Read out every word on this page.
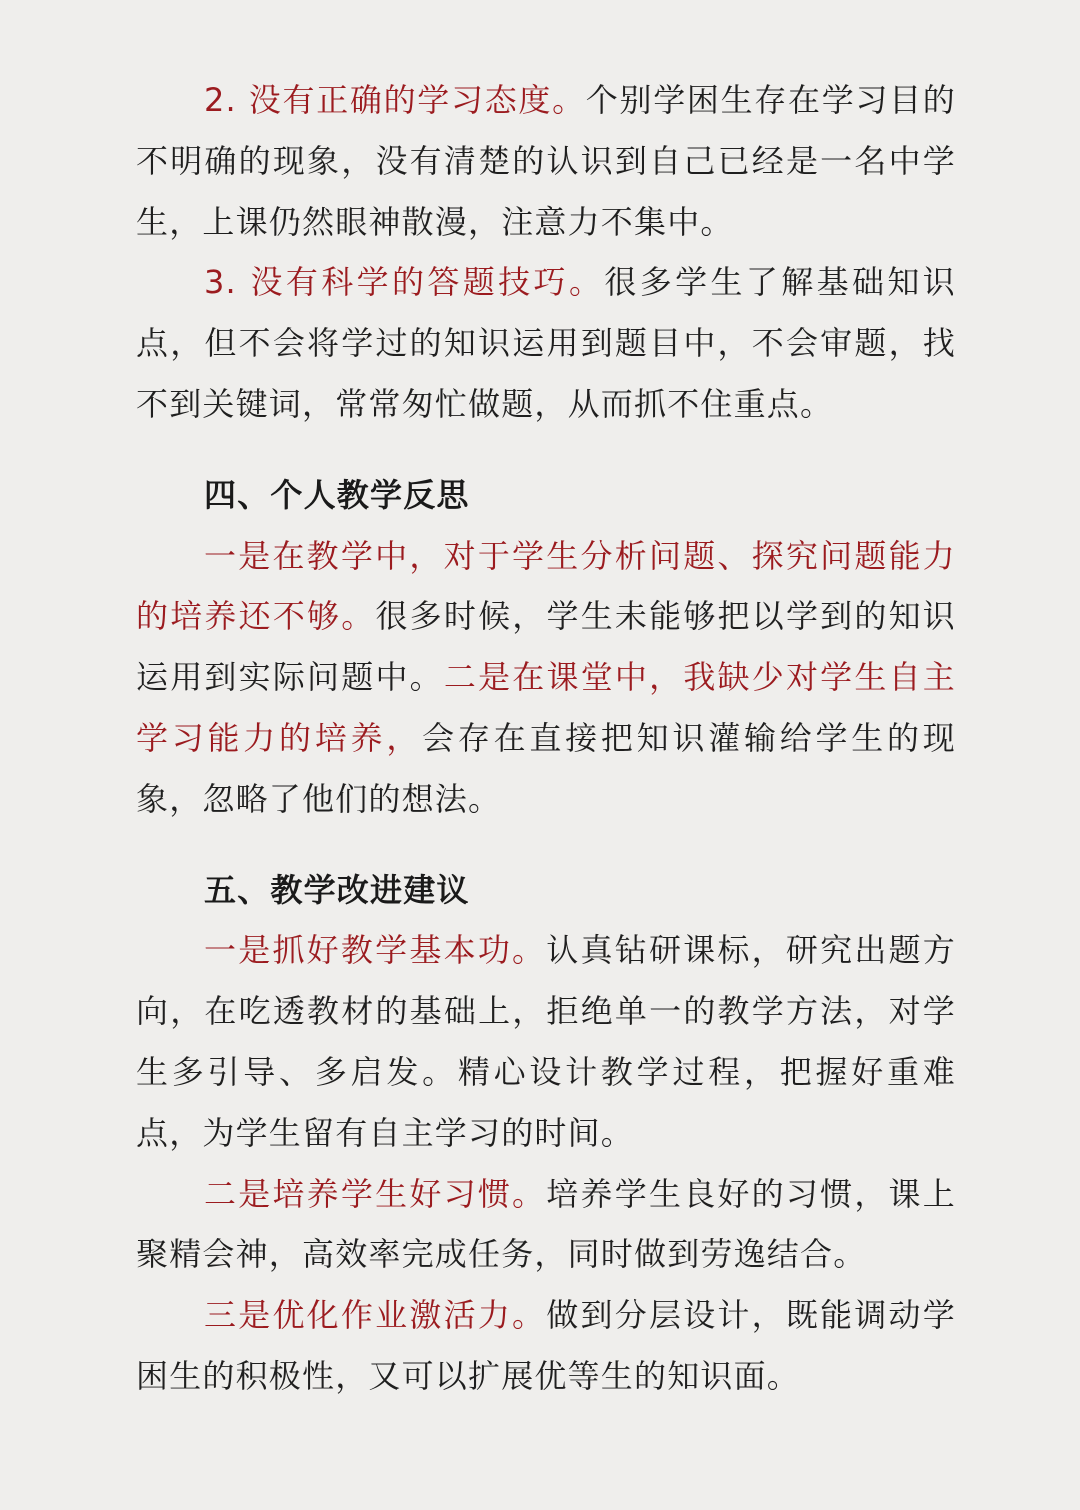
2. 没有正确的学习态度。个别学困生存在学习目的不明确的现象，没有清楚的认识到自己已经是一名中学生，上课仍然眼神散漫，注意力不集中。

3. 没有科学的答题技巧。很多学生了解基础知识点，但不会将学过的知识运用到题目中，不会审题，找不到关键词，常常匆忙做题，从而抓不住重点。

四、个人教学反思

一是在教学中，对于学生分析问题、探究问题能力的培养还不够。很多时候，学生未能够把以学到的知识运用到实际问题中。二是在课堂中，我缺少对学生自主学习能力的培养，会存在直接把知识灌输给学生的现象，忽略了他们的想法。

五、教学改进建议

一是抓好教学基本功。认真钻研课标，研究出题方向，在吃透教材的基础上，拒绝单一的教学方法，对学生多引导、多启发。精心设计教学过程，把握好重难点，为学生留有自主学习的时间。

二是培养学生好习惯。培养学生良好的习惯，课上聚精会神，高效率完成任务，同时做到劳逸结合。

三是优化作业激活力。做到分层设计，既能调动学困生的积极性，又可以扩展优等生的知识面。
